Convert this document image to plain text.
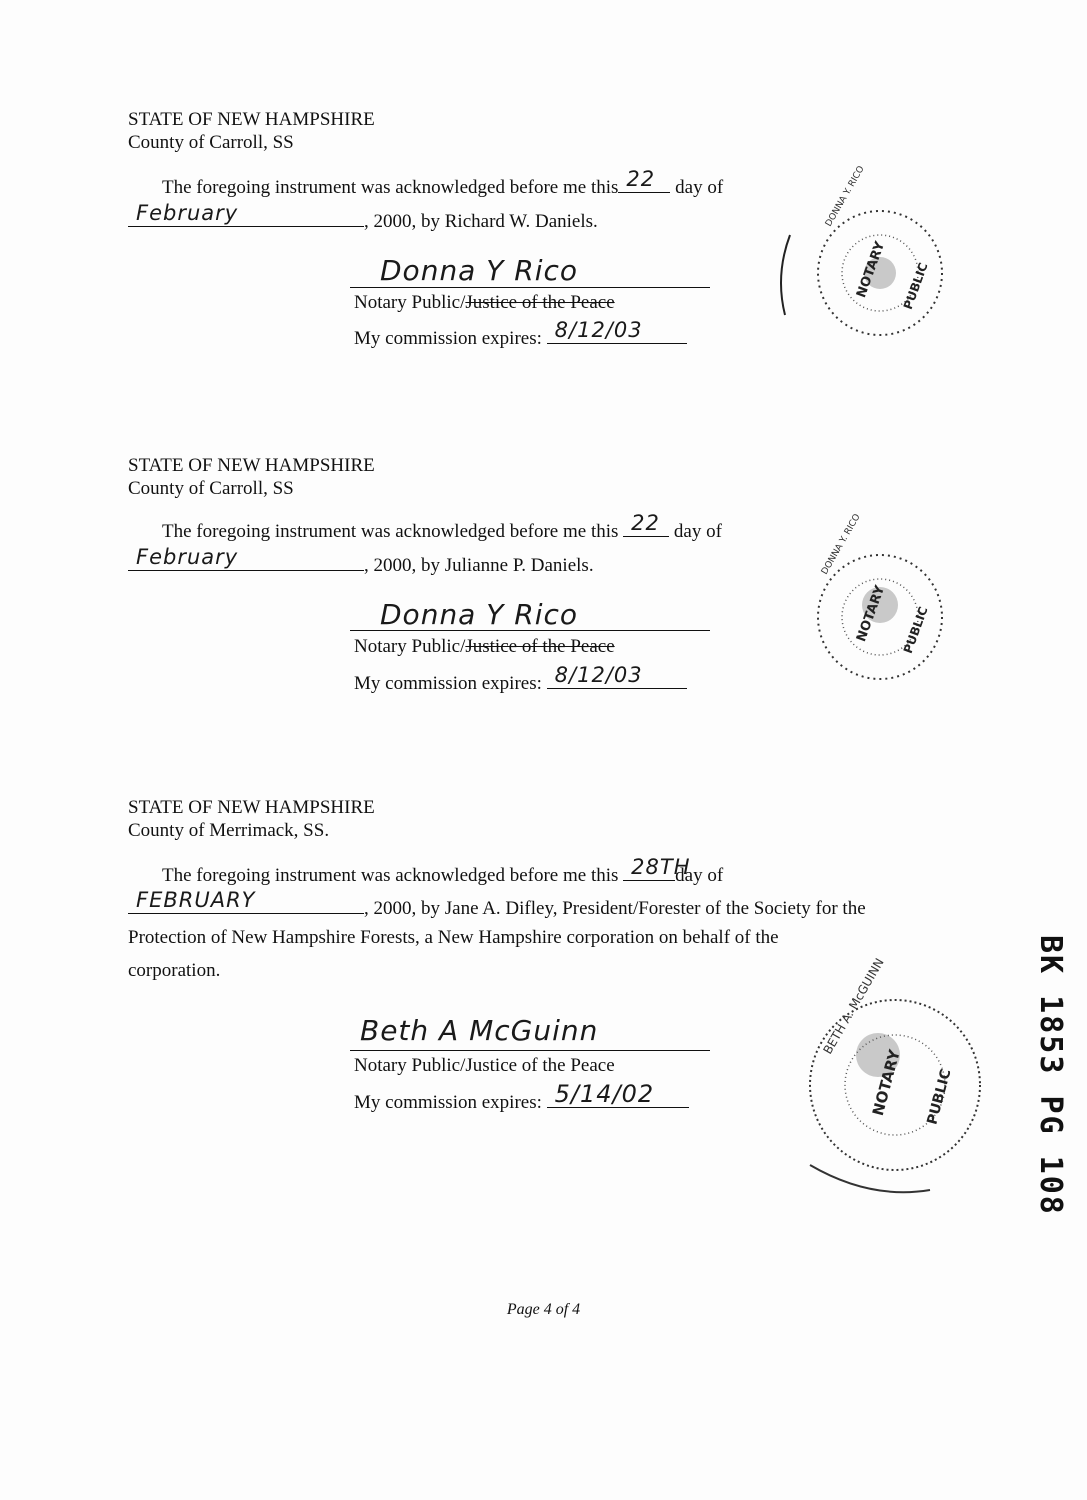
STATE OF NEW HAMPSHIRE
County of Carroll, SS
The foregoing instrument was acknowledged before me this 22 day of
February	, 2000, by Richard W. Daniels.
Donna Y Rico
Notary Public/Justice of the Peace
My commission expires: 8/12/03
NOTARY PUBLIC
DONNA Y. RICO
STATE OF NEW HAMPSHIRE
County of Carroll, SS
The foregoing instrument was acknowledged before me this 22 day of
February	, 2000, by Julianne P. Daniels.
Donna Y Rico
Notary Public/Justice of the Peace
My commission expires: 8/12/03
NOTARY PUBLIC
DONNA Y. RICO
STATE OF NEW HAMPSHIRE
County of Merrimack, SS.
The foregoing instrument was acknowledged before me this 28TH
day of
FEBRUARY	, 2000, by Jane A. Difley, President/Forester of the Society for the
Protection of New Hampshire Forests, a New Hampshire corporation on behalf of the
corporation.
Beth A McGuinn
Notary Public/Justice of the Peace
My commission expires: 5/14/02	NOTARY PUBLIC
BETH A. McGUINN	BK 1853 PG 108
Page 4 of 4
